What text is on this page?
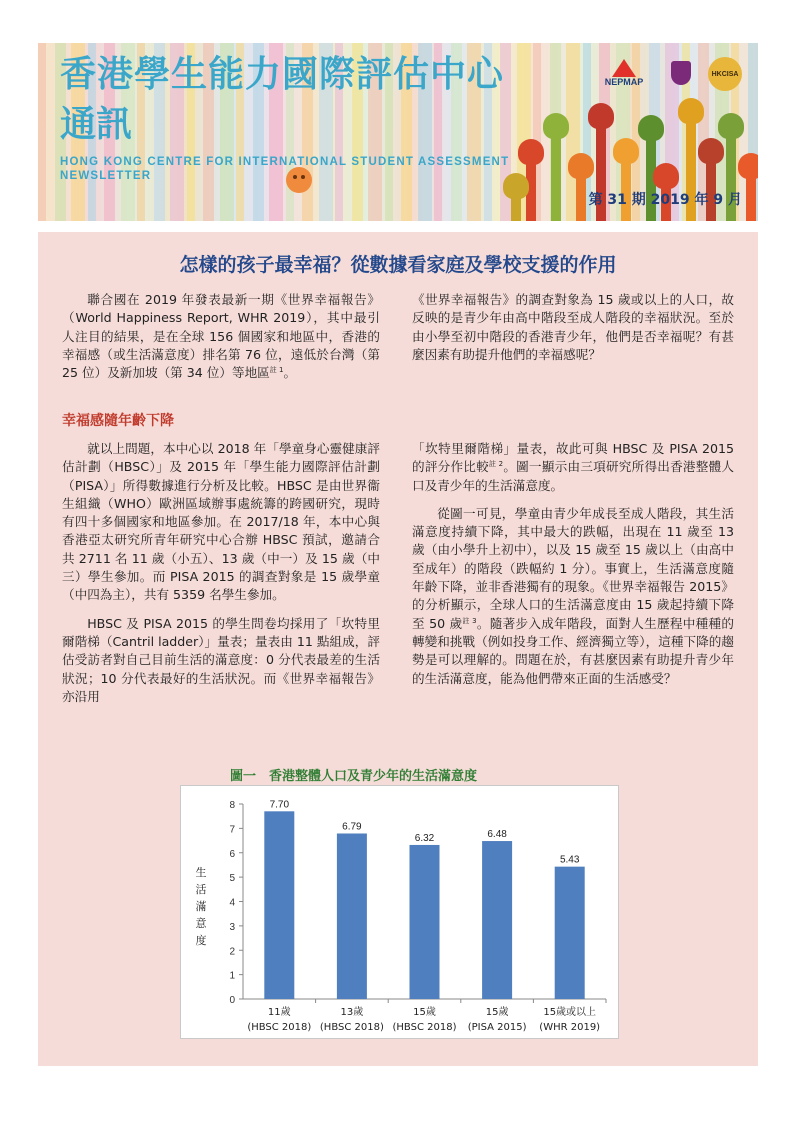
香港學生能力國際評估中心
通訊
HONG KONG CENTRE FOR INTERNATIONAL STUDENT ASSESSMENT NEWSLETTER
NEPMAP
HKCISA
第 31 期 2019 年 9 月
怎樣的孩子最幸福？從數據看家庭及學校支援的作用

聯合國在 2019 年發表最新一期《世界幸福報告》（World Happiness Report, WHR 2019），其中最引人注目的結果，是在全球 156 個國家和地區中，香港的幸福感（或生活滿意度）排名第 76 位，遠低於台灣（第 25 位）及新加坡（第 34 位）等地區$^{註 1}$。

《世界幸福報告》的調查對象為 15 歲或以上的人口，故反映的是青少年由高中階段至成人階段的幸福狀況。至於由小學至初中階段的香港青少年，他們是否幸福呢？有甚麼因素有助提升他們的幸福感呢？

幸福感隨年齡下降

就以上問題，本中心以 2018 年「學童身心靈健康評估計劃（HBSC）」及 2015 年「學生能力國際評估計劃（PISA）」所得數據進行分析及比較。HBSC 是由世界衞生組織（WHO）歐洲區域辦事處統籌的跨國研究，現時有四十多個國家和地區參加。在 2017/18 年，本中心與香港亞太研究所青年研究中心合辦 HBSC 預試，邀請合共 2711 名 11 歲（小五）、13 歲（中一）及 15 歲（中三）學生參加。而 PISA 2015 的調查對象是 15 歲學童（中四為主），共有 5359 名學生參加。

HBSC 及 PISA 2015 的學生問卷均採用了「坎特里爾階梯（Cantril ladder）」量表；量表由 11 點組成，評估受訪者對自己目前生活的滿意度：0 分代表最差的生活狀況；10 分代表最好的生活狀況。而《世界幸福報告》亦沿用

「坎特里爾階梯」量表，故此可與 HBSC 及 PISA 2015 的評分作比較$^{註 2}$。圖一顯示由三項研究所得出香港整體人口及青少年的生活滿意度。

從圖一可見，學童由青少年成長至成人階段，其生活滿意度持續下降，其中最大的跌幅，出現在 11 歲至 13 歲（由小學升上初中），以及 15 歲至 15 歲以上（由高中至成年）的階段（跌幅約 1 分）。事實上，生活滿意度隨年齡下降，並非香港獨有的現象。《世界幸福報告 2015》的分析顯示，全球人口的生活滿意度由 15 歲起持續下降至 50 歲$^{註 3}$。隨著步入成年階段，面對人生歷程中種種的轉變和挑戰（例如投身工作、經濟獨立等），這種下降的趨勢是可以理解的。問題在於，有甚麼因素有助提升青少年的生活滿意度，能為他們帶來正面的生活感受？

圖一　香港整體人口及青少年的生活滿意度
0
1
2
3
4
5
6
7
8
生
活
滿
意
度
7.70
11歲
(HBSC 2018)
6.79
13歲
(HBSC 2018)
6.32
15歲
(HBSC 2018)
6.48
15歲
(PISA 2015)
5.43
15歲或以上
(WHR 2019)
